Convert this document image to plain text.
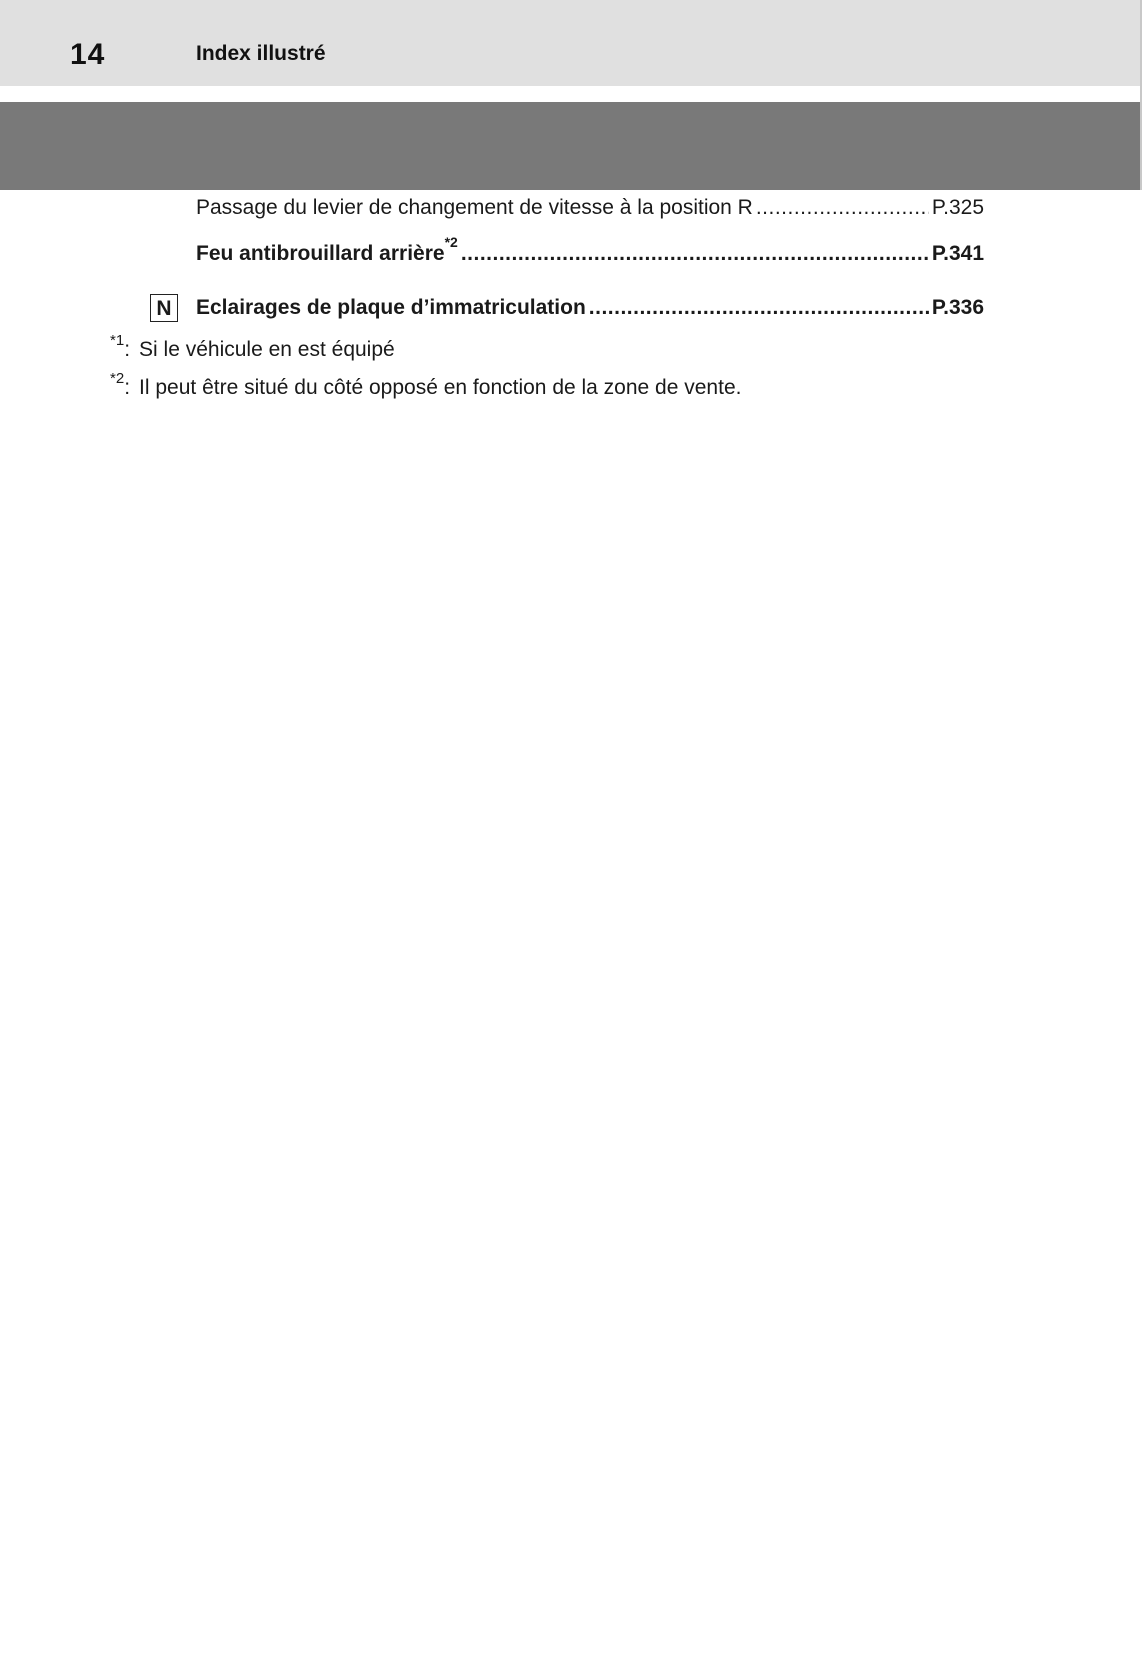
14	Index illustré
Passage du levier de changement de vitesse à la position R .....	P.325
Feu antibrouillard arrière$^{*2}$ .....	P.341
N	Eclairages de plaque d’immatriculation .....	P.336
$^{*1}$: Si le véhicule en est équipé
$^{*2}$: Il peut être situé du côté opposé en fonction de la zone de vente.
